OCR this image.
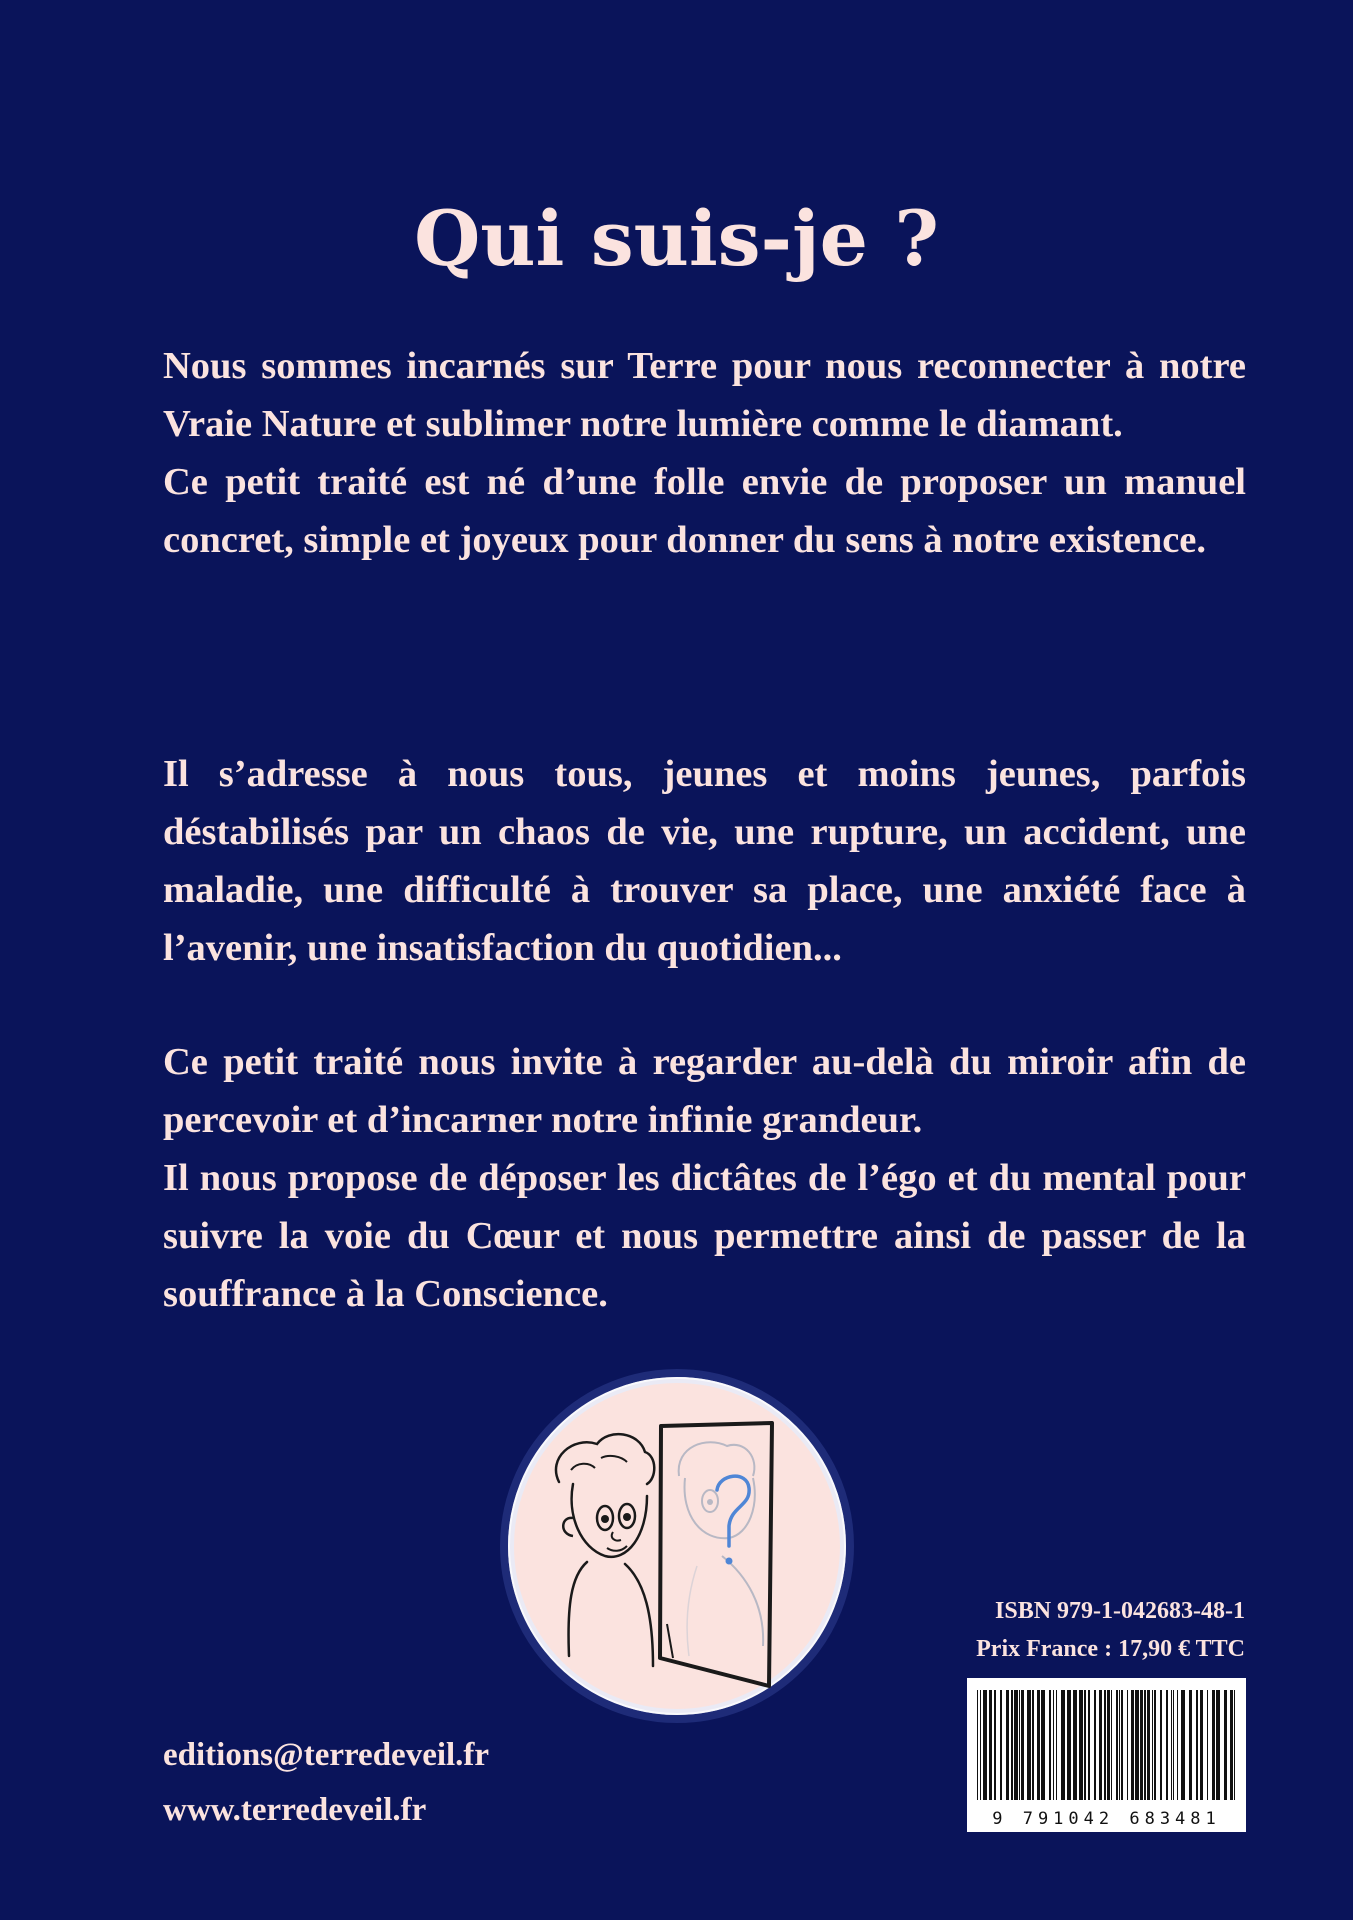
Qui suis-je ?

Nous sommes incarnés sur Terre pour nous reconnecter à notre Vraie Nature et sublimer notre lumière comme le diamant.

Ce petit traité est né d’une folle envie de proposer un manuel concret, simple et joyeux pour donner du sens à notre existence.

Il s’adresse à nous tous, jeunes et moins jeunes, parfois déstabilisés par un chaos de vie, une rupture, un accident, une maladie, une difficulté à trouver sa place, une anxiété face à l’avenir, une insatisfaction du quotidien...

Ce petit traité nous invite à regarder au-delà du miroir afin de percevoir et d’incarner notre infinie grandeur.

Il nous propose de déposer les dictâtes de l’égo et du mental pour suivre la voie du Cœur et nous permettre ainsi de passer de la souffrance à la Conscience.

ISBN 979-1-042683-48-1
Prix France : 17,90 € TTC
9 791042 683481
editions@terredeveil.fr
www.terredeveil.fr
